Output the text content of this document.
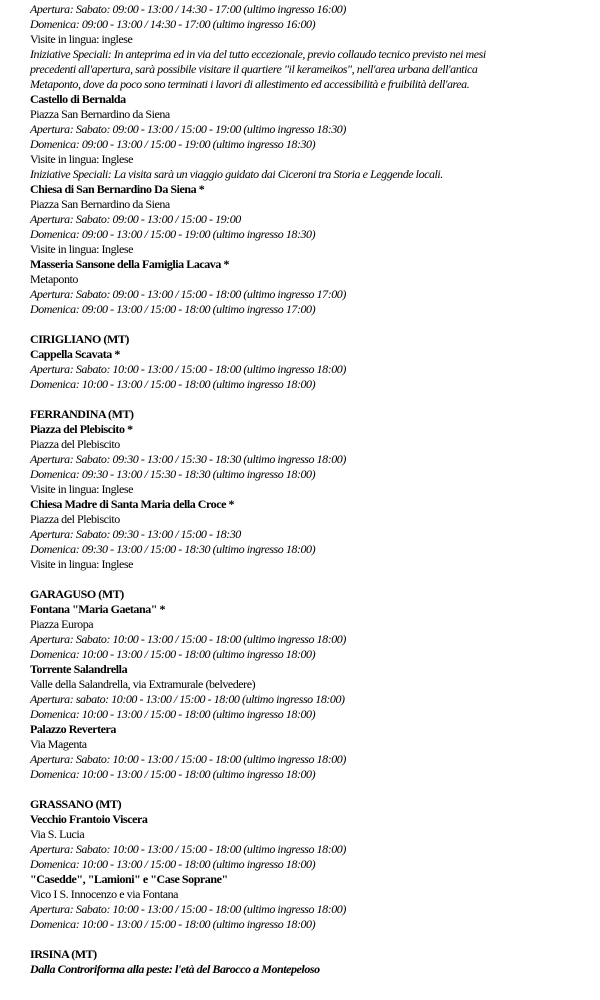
Apertura: Sabato: 09:00 - 13:00 / 14:30 - 17:00 (ultimo ingresso 16:00)
Domenica: 09:00 - 13:00 / 14:30 - 17:00 (ultimo ingresso 16:00)
Visite in lingua: inglese
Iniziative Speciali: In anteprima ed in via del tutto eccezionale, previo collaudo tecnico previsto nei mesi
precedenti all'apertura, sarà possibile visitare il quartiere "il kerameikos", nell'area urbana dell'antica
Metaponto, dove da poco sono terminati i lavori di allestimento ed accessibilità e fruibilità dell'area.
Castello di Bernalda
Piazza San Bernardino da Siena
Apertura: Sabato: 09:00 - 13:00 / 15:00 - 19:00 (ultimo ingresso 18:30)
Domenica: 09:00 - 13:00 / 15:00 - 19:00 (ultimo ingresso 18:30)
Visite in lingua: Inglese
Iniziative Speciali: La visita sarà un viaggio guidato dai Ciceroni tra Storia e Leggende locali.
Chiesa di San Bernardino Da Siena *
Piazza San Bernardino da Siena
Apertura: Sabato: 09:00 - 13:00 / 15:00 - 19:00
Domenica: 09:00 - 13:00 / 15:00 - 19:00 (ultimo ingresso 18:30)
Visite in lingua: Inglese
Masseria Sansone della Famiglia Lacava *
Metaponto
Apertura: Sabato: 09:00 - 13:00 / 15:00 - 18:00 (ultimo ingresso 17:00)
Domenica: 09:00 - 13:00 / 15:00 - 18:00 (ultimo ingresso 17:00)
CIRIGLIANO (MT)
Cappella Scavata *
Apertura: Sabato: 10:00 - 13:00 / 15:00 - 18:00 (ultimo ingresso 18:00)
Domenica: 10:00 - 13:00 / 15:00 - 18:00 (ultimo ingresso 18:00)
FERRANDINA (MT)
Piazza del Plebiscito *
Piazza del Plebiscito
Apertura: Sabato: 09:30 - 13:00 / 15:30 - 18:30 (ultimo ingresso 18:00)
Domenica: 09:30 - 13:00 / 15:30 - 18:30 (ultimo ingresso 18:00)
Visite in lingua: Inglese
Chiesa Madre di Santa Maria della Croce *
Piazza del Plebiscito
Apertura: Sabato: 09:30 - 13:00 / 15:00 - 18:30
Domenica: 09:30 - 13:00 / 15:00 - 18:30 (ultimo ingresso 18:00)
Visite in lingua: Inglese
GARAGUSO (MT)
Fontana "Maria Gaetana" *
Piazza Europa
Apertura: Sabato: 10:00 - 13:00 / 15:00 - 18:00 (ultimo ingresso 18:00)
Domenica: 10:00 - 13:00 / 15:00 - 18:00 (ultimo ingresso 18:00)
Torrente Salandrella
Valle della Salandrella, via Extramurale (belvedere)
Apertura: sabato: 10:00 - 13:00 / 15:00 - 18:00 (ultimo ingresso 18:00)
Domenica: 10:00 - 13:00 / 15:00 - 18:00 (ultimo ingresso 18:00)
Palazzo Revertera
Via Magenta
Apertura: Sabato: 10:00 - 13:00 / 15:00 - 18:00 (ultimo ingresso 18:00)
Domenica: 10:00 - 13:00 / 15:00 - 18:00 (ultimo ingresso 18:00)
GRASSANO (MT)
Vecchio Frantoio Viscera
Via S. Lucia
Apertura: Sabato: 10:00 - 13:00 / 15:00 - 18:00 (ultimo ingresso 18:00)
Domenica: 10:00 - 13:00 / 15:00 - 18:00 (ultimo ingresso 18:00)
"Casedde", "Lamioni" e "Case Soprane"
Vico I S. Innocenzo e via Fontana
Apertura: Sabato: 10:00 - 13:00 / 15:00 - 18:00 (ultimo ingresso 18:00)
Domenica: 10:00 - 13:00 / 15:00 - 18:00 (ultimo ingresso 18:00)
IRSINA (MT)
Dalla Controriforma alla peste: l'età del Barocco a Montepeloso
